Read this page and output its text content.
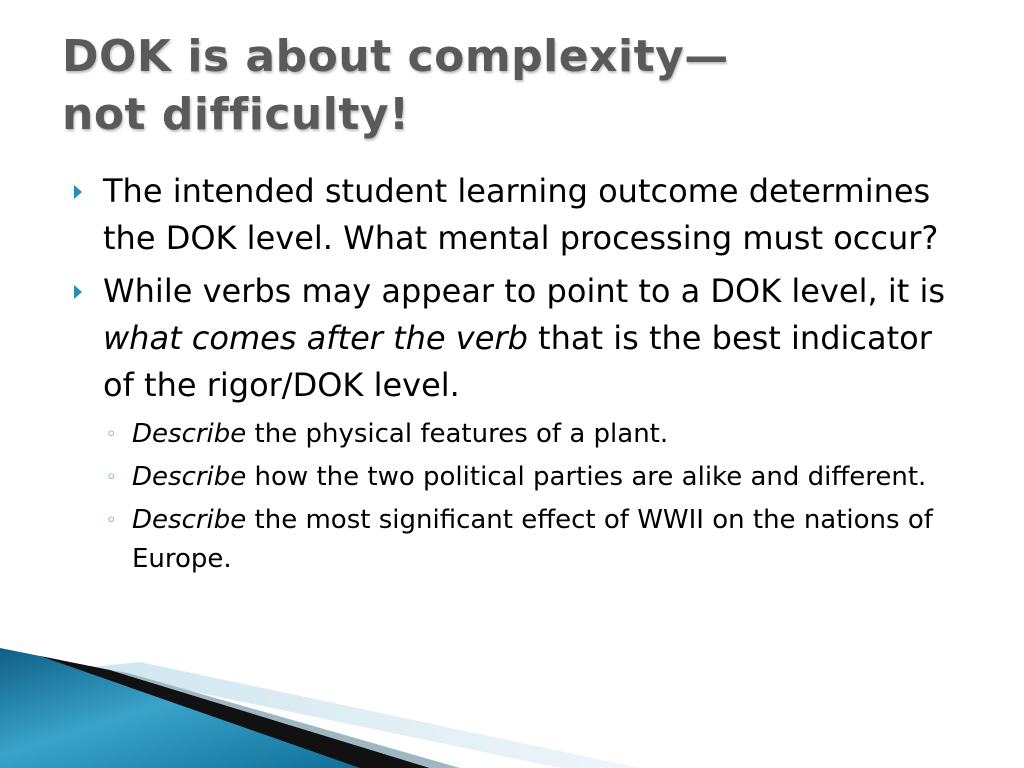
DOK is about complexity—
not difficulty!
The intended student learning outcome determines the DOK level. What mental processing must occur?
While verbs may appear to point to a DOK level, it is what comes after the verb that is the best indicator of the rigor/DOK level.
◦ Describe the physical features of a plant.
◦ Describe how the two political parties are alike and different.
◦ Describe the most significant effect of WWII on the nations of Europe.
